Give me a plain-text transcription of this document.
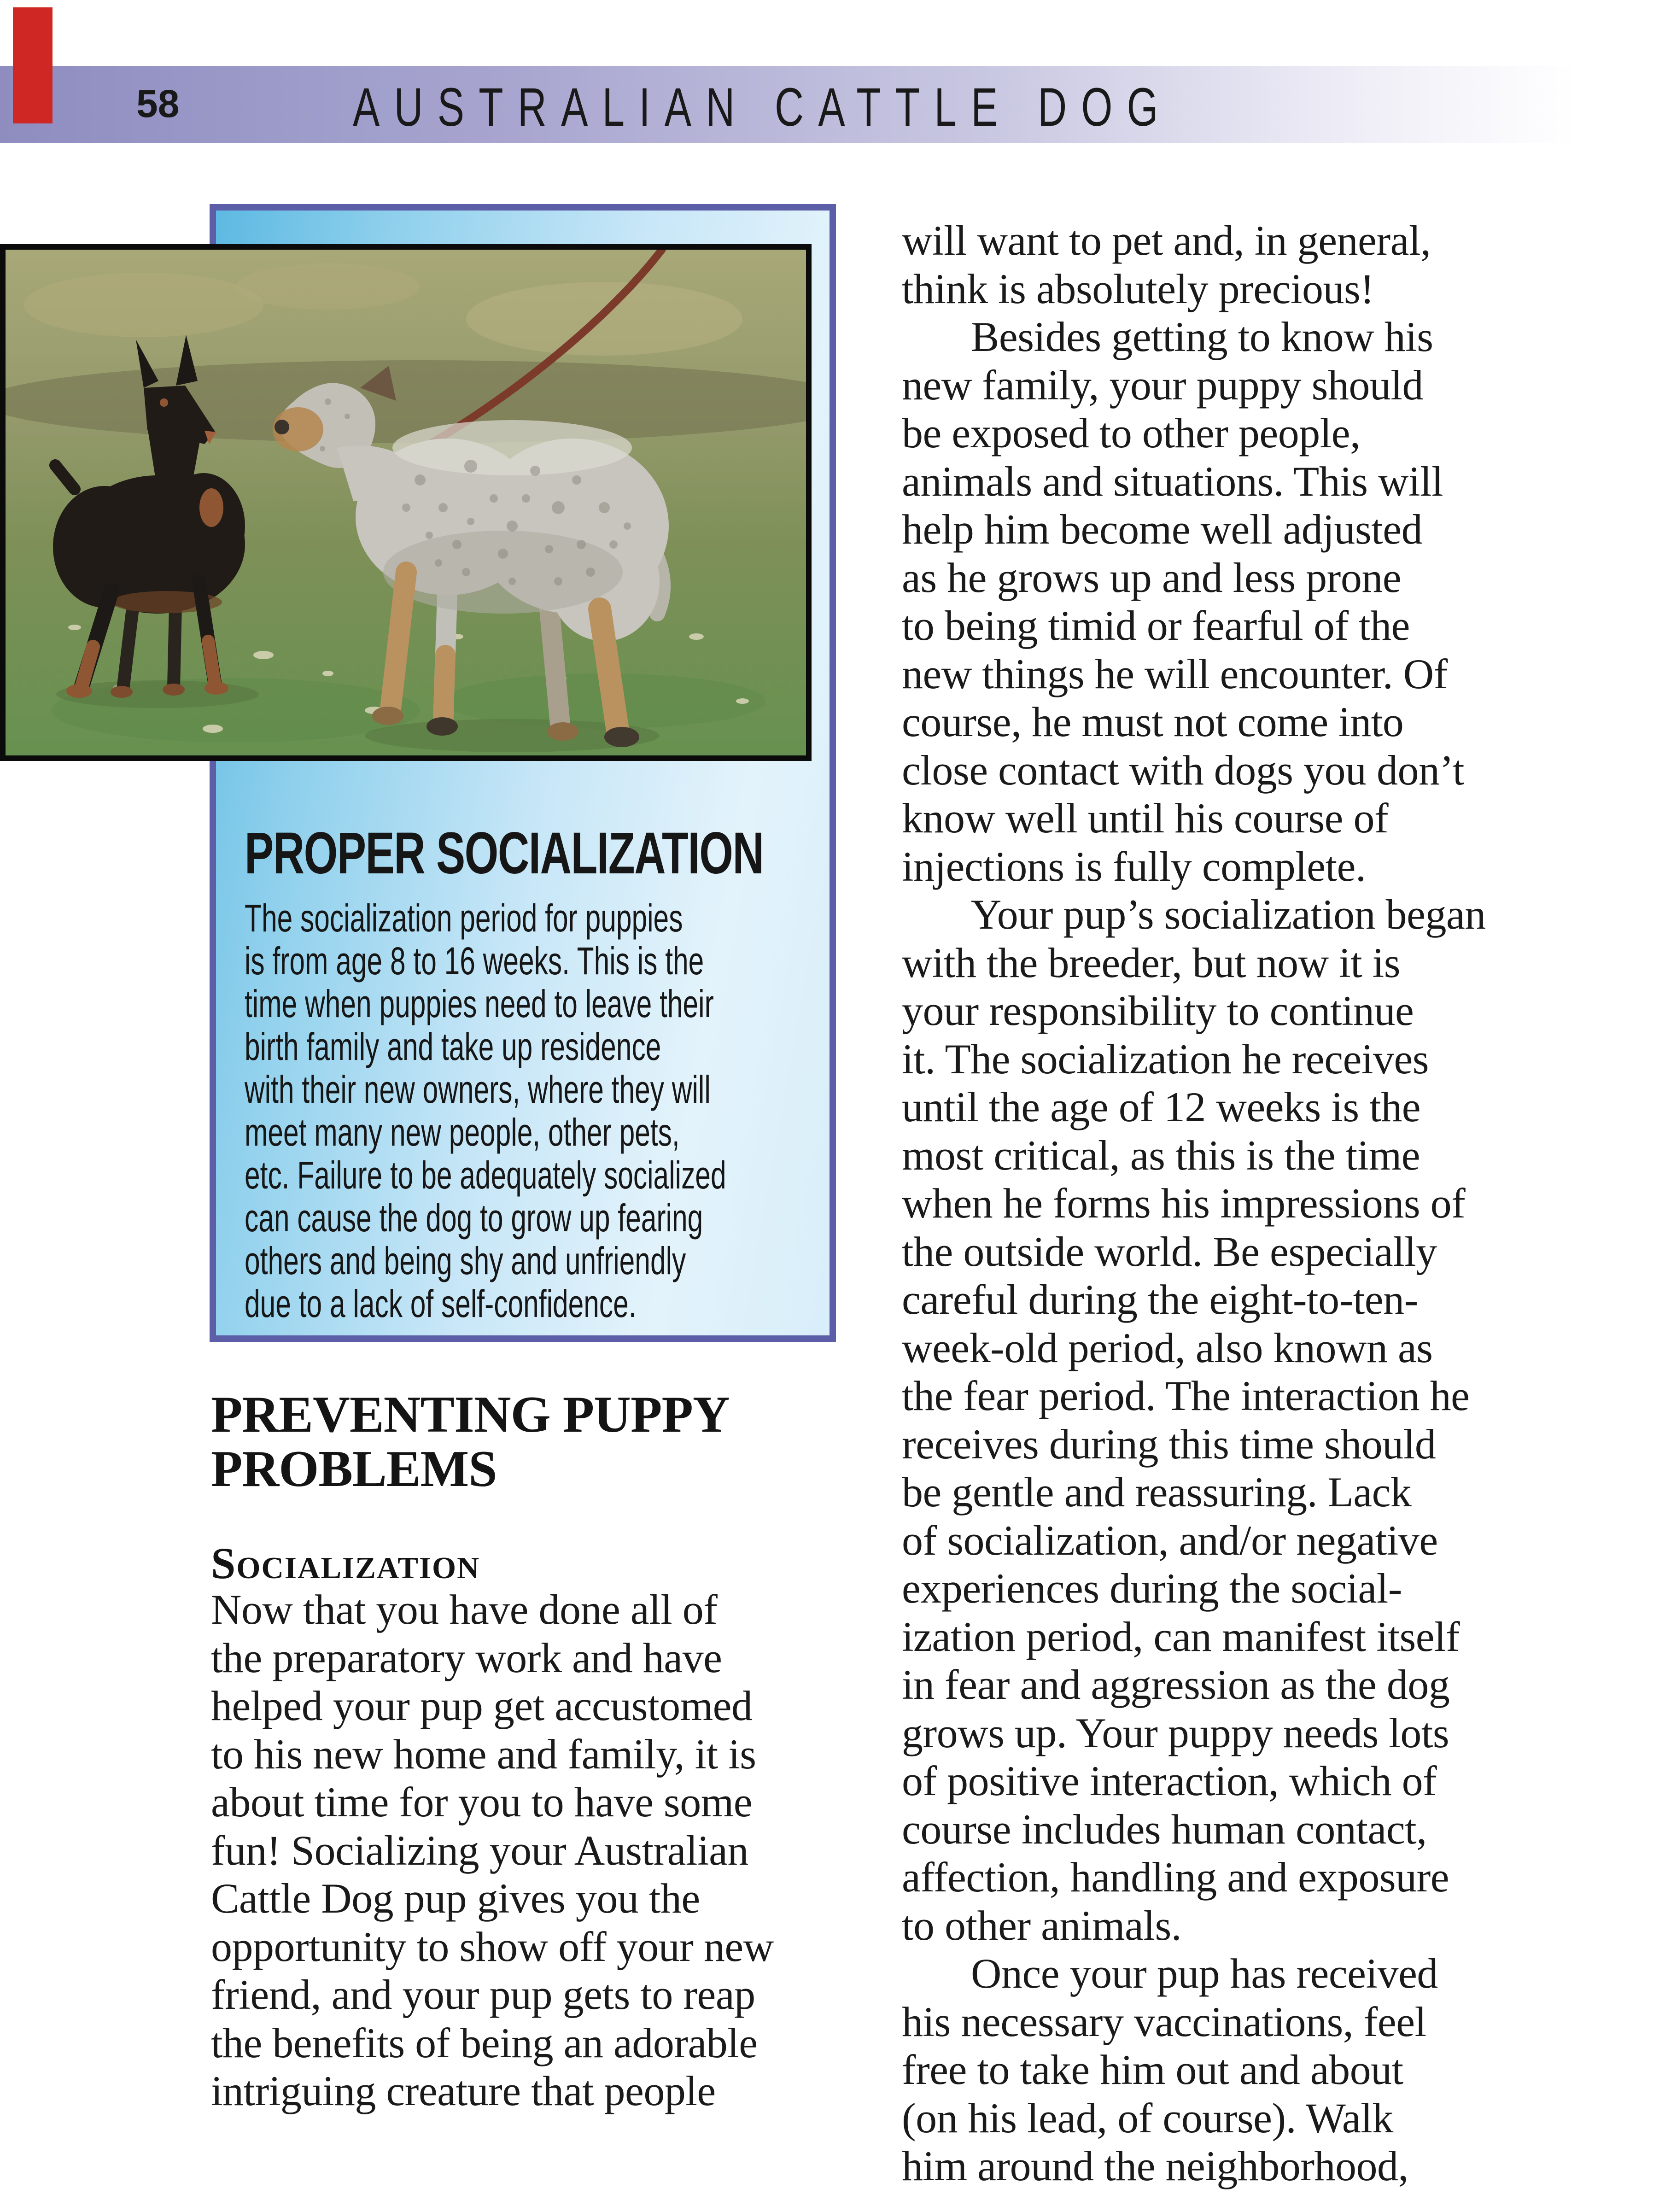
58	AUSTRALIAN CATTLE DOG
PROPER SOCIALIZATION
The socialization period for puppies
is from age 8 to 16 weeks. This is the
time when puppies need to leave their
birth family and take up residence
with their new owners, where they will
meet many new people, other pets,
etc. Failure to be adequately socialized
can cause the dog to grow up fearing
others and being shy and unfriendly
due to a lack of self-confidence.
PREVENTING PUPPY
PROBLEMS
Socialization
Now that you have done all of
the preparatory work and have
helped your pup get accustomed
to his new home and family, it is
about time for you to have some
fun! Socializing your Australian
Cattle Dog pup gives you the
opportunity to show off your new
friend, and your pup gets to reap
the benefits of being an adorable
intriguing creature that people
will want to pet and, in general,
think is absolutely precious!
Besides getting to know his
new family, your puppy should
be exposed to other people,
animals and situations. This will
help him become well adjusted
as he grows up and less prone
to being timid or fearful of the
new things he will encounter. Of
course, he must not come into
close contact with dogs you don’t
know well until his course of
injections is fully complete.
Your pup’s socialization began
with the breeder, but now it is
your responsibility to continue
it. The socialization he receives
until the age of 12 weeks is the
most critical, as this is the time
when he forms his impressions of
the outside world. Be especially
careful during the eight-to-ten-
week-old period, also known as
the fear period. The interaction he
receives during this time should
be gentle and reassuring. Lack
of socialization, and/or negative
experiences during the social-
ization period, can manifest itself
in fear and aggression as the dog
grows up. Your puppy needs lots
of positive interaction, which of
course includes human contact,
affection, handling and exposure
to other animals.
Once your pup has received
his necessary vaccinations, feel
free to take him out and about
(on his lead, of course). Walk
him around the neighborhood,
